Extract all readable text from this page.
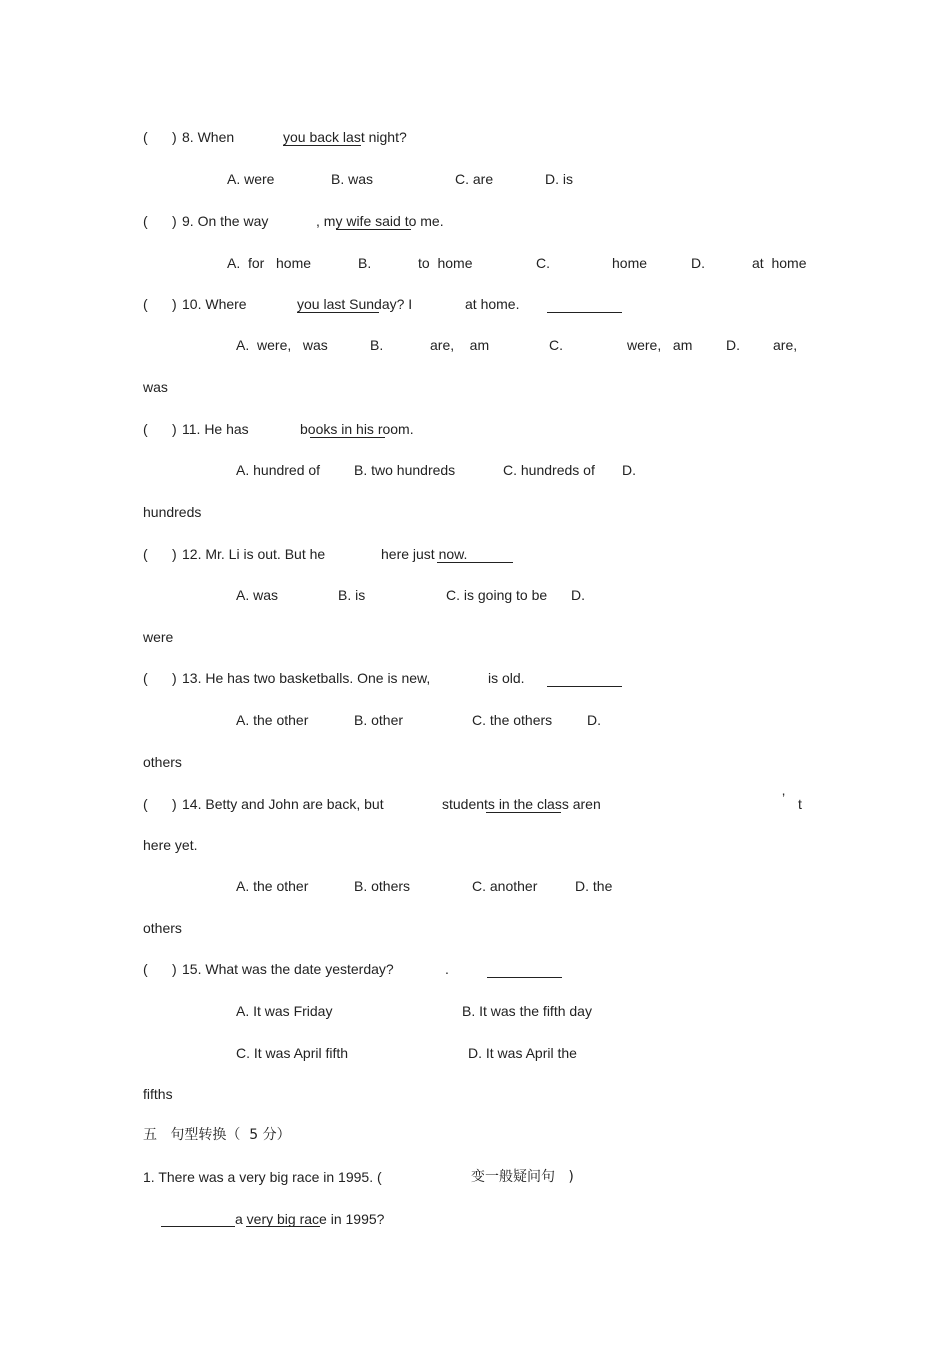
( ) 8. When	you back last night?
A. were	B. was	C. are	D. is
( ) 9. On the way	, my wife said to me.
A.  for   home	B.	to  home	C.	home	D.	at  home
( ) 10. Where	you last Sunday? I	at home.
A.  were,   was	B.	are,    am	C.	were,   am D. are,
was
( ) 11. He has	books in his room.
A. hundred of B. two hundreds	C. hundreds of D.
hundreds
( ) 12. Mr. Li is out. But he	here just now.
A. was	B. is	C. is going to be D.
were
( ) 13. He has two basketballs. One is new,	is old.
A. the other	B. other	C. the others D.
others
( ) 14. Betty and John are back, but	students in the class aren	’ t
here yet.
A. the other	B. others	C. another	D. the
others
( ) 15. What was the date yesterday?	.
A. It was Friday	B. It was the fifth day
C. It was April fifth	D. It was April the
fifths
五   句型转换（  5 分）
1. There was a very big race in 1995. (	变一般疑问句   )
a very big race in 1995?
